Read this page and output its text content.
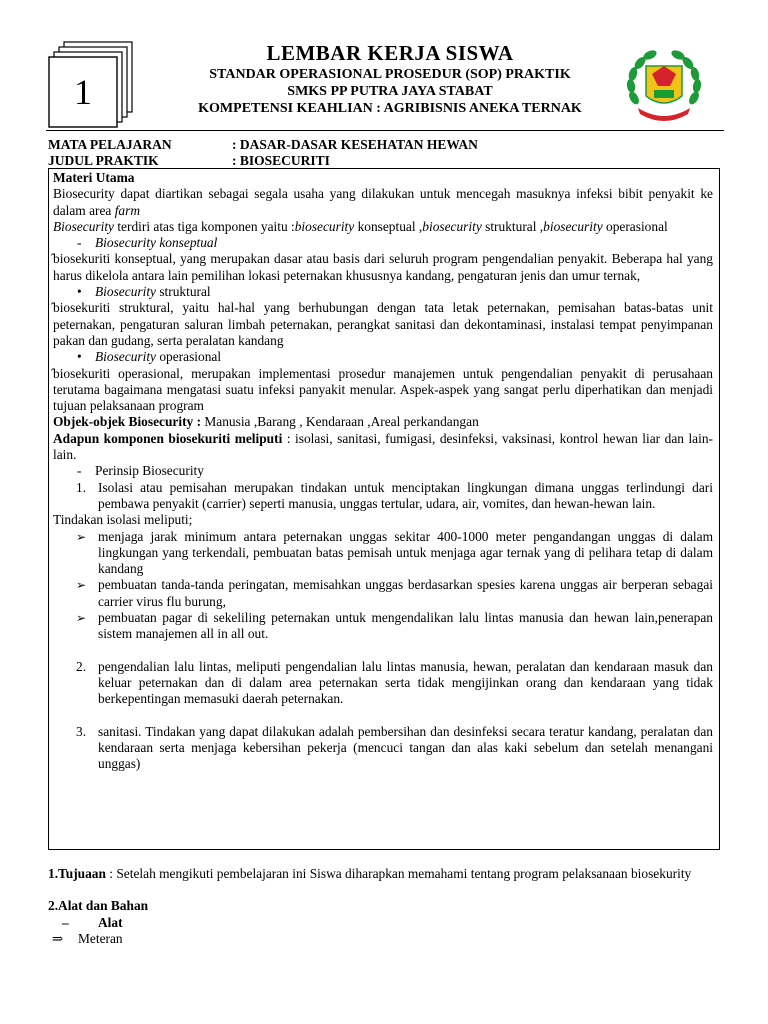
1
LEMBAR KERJA SISWA
STANDAR OPERASIONAL PROSEDUR (SOP) PRAKTIK
SMKS PP PUTRA JAYA STABAT
KOMPETENSI KEAHLIAN : AGRIBISNIS ANEKA TERNAK
MATA PELAJARAN	: DASAR-DASAR KESEHATAN HEWAN
JUDUL PRAKTIK	: BIOSECURITI

Materi Utama

Biosecurity dapat diartikan sebagai segala usaha yang dilakukan untuk mencegah masuknya infeksi bibit penyakit ke dalam area farm

Biosecurity terdiri atas tiga komponen yaitu :biosecurity konseptual ,biosecurity struktural ,biosecurity operasional

- Biosecurity konseptual

̂biosekuriti konseptual, yang merupakan dasar atau basis dari seluruh program pengendalian penyakit. Beberapa hal yang harus dikelola antara lain pemilihan lokasi peternakan khususnya kandang, pengaturan jenis dan umur ternak,

• Biosecurity struktural

̂biosekuriti struktural, yaitu hal-hal yang berhubungan dengan tata letak peternakan, pemisahan batas-batas unit peternakan, pengaturan saluran limbah peternakan, perangkat sanitasi dan dekontaminasi, instalasi tempat penyimpanan pakan dan gudang, serta peralatan kandang

• Biosecurity operasional

̂biosekuriti operasional, merupakan implementasi prosedur manajemen untuk pengendalian penyakit di perusahaan terutama bagaimana mengatasi suatu infeksi panyakit menular. Aspek-aspek yang sangat perlu diperhatikan dan menjadi tujuan pelaksanaan program

Objek-objek Biosecurity : Manusia ,Barang , Kendaraan ,Areal perkandangan

Adapun komponen biosekuriti meliputi : isolasi, sanitasi, fumigasi, desinfeksi, vaksinasi, kontrol hewan liar dan lain-lain.

- Perinsip Biosecurity

1. Isolasi atau pemisahan merupakan tindakan untuk menciptakan lingkungan dimana unggas terlindungi dari pembawa penyakit (carrier) seperti manusia, unggas tertular, udara, air, vomites, dan hewan-hewan lain.

Tindakan isolasi meliputi;

➢ menjaga jarak minimum antara peternakan unggas sekitar 400-1000 meter pengandangan unggas di dalam lingkungan yang terkendali, pembuatan batas pemisah untuk menjaga agar ternak yang di pelihara tetap di dalam kandang
➢ pembuatan tanda-tanda peringatan, memisahkan unggas berdasarkan spesies karena unggas air berperan sebagai carrier virus flu burung,
➢ pembuatan pagar di sekeliling peternakan untuk mengendalikan lalu lintas manusia dan hewan lain,penerapan sistem manajemen all in all out.
2. pengendalian lalu lintas, meliputi pengendalian lalu lintas manusia, hewan, peralatan dan kendaraan masuk dan keluar peternakan dan di dalam area peternakan serta tidak mengijinkan orang dan kendaraan yang tidak berkepentingan memasuki daerah peternakan.
3. sanitasi. Tindakan yang dapat dilakukan adalah pembersihan dan desinfeksi secara teratur kandang, peralatan dan kendaraan serta menjaga kebersihan pekerja (mencuci tangan dan alas kaki sebelum dan setelah menangani unggas)

1.Tujuaan : Setelah mengikuti pembelajaran ini Siswa diharapkan memahami tentang program pelaksanaan biosekurity

2.Alat dan Bahan

–	Alat
⇒	Meteran
